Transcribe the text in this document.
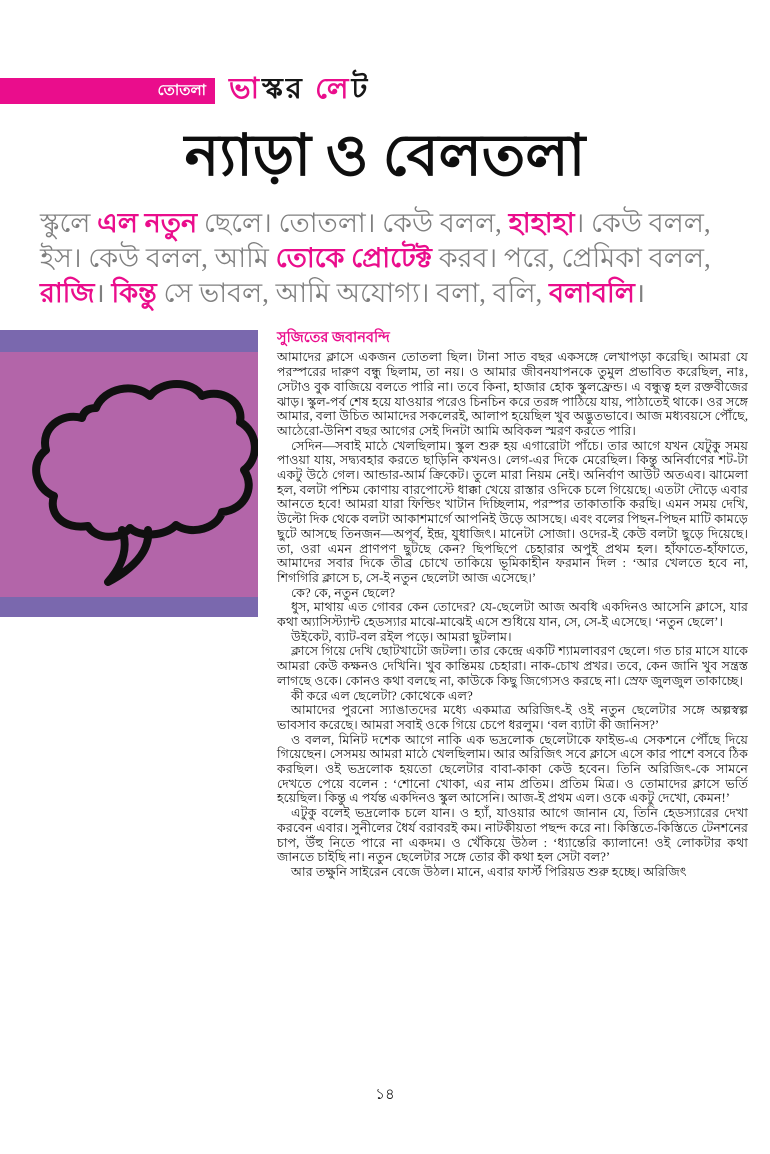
তোতলা ভাস্কর লেট
ন্যাড়া ও বেলতলা
স্কুলে এল নতুন ছেলে। তোতলা। কেউ বলল, হাহাহা। কেউ বলল,
ইস। কেউ বলল, আমি তোকে প্রোটেক্ট করব। পরে, প্রেমিকা বলল,
রাজি। কিন্তু সে ভাবল, আমি অযোগ্য। বলা, বলি, বলাবলি।
সুজিতের জবানবন্দি

আমাদের ক্লাসে একজন তোতলা ছিল। টানা সাত বছর একসঙ্গে লেখাপড়া করেছি। আমরা যে পরস্পরের দারুণ বন্ধু ছিলাম, তা নয়। ও আমার জীবনযাপনকে তুমুল প্রভাবিত করেছিল, নাঃ, সেটাও বুক বাজিয়ে বলতে পারি না। তবে কিনা, হাজার হোক স্কুলফ্রেন্ড। এ বন্ধুত্ব হল রক্তবীজের ঝাড়। স্কুল-পর্ব শেষ হয়ে যাওয়ার পরেও চিনচিন করে তরঙ্গ পাঠিয়ে যায়, পাঠাতেই থাকে। ওর সঙ্গে আমার, বলা উচিত আমাদের সকলেরই, আলাপ হয়েছিল খুব অদ্ভুতভাবে। আজ মধ্যবয়সে পৌঁছে, আঠেরো-উনিশ বছর আগের সেই দিনটা আমি অবিকল স্মরণ করতে পারি।

সেদিন—সবাই মাঠে খেলছিলাম। স্কুল শুরু হয় এগারোটা পাঁচে। তার আগে যখন যেটুকু সময় পাওয়া যায়, সদ্ব্যবহার করতে ছাড়িনি কখনও। লেগ-এর দিকে মেরেছিল। কিন্তু অনির্বাণের শট-টা একটু উঠে গেল। আন্ডার-আর্ম ক্রিকেট। তুলে মারা নিয়ম নেই। অনির্বাণ আউট অতএব। ঝামেলা হল, বলটা পশ্চিম কোণায় বারপোস্টে ধাক্কা খেয়ে রাস্তার ওদিকে চলে গিয়েছে। এতটা দৌড়ে এবার আনতে হবে! আমরা যারা ফিল্ডিং খাটান দিচ্ছিলাম, পরস্পর তাকাতাকি করছি। এমন সময় দেখি, উল্টো দিক থেকে বলটা আকাশমার্গে আপনিই উড়ে আসছে। এবং বলের পিছন-পিছন মাটি কামড়ে ছুটে আসছে তিনজন—অপূর্ব, ইন্দ্র, যুধাজিৎ। মানেটা সোজা। ওদের-ই কেউ বলটা ছুড়ে দিয়েছে। তা, ওরা এমন প্রাণপণ ছুটছে কেন? ছিপছিপে চেহারার অপুই প্রথম হল। হাঁফাতে-হাঁফাতে, আমাদের সবার দিকে তীব্র চোখে তাকিয়ে ভূমিকাহীন ফরমান দিল : ‘আর খেলতে হবে না, শিগগিরি ক্লাসে চ, সে-ই নতুন ছেলেটা আজ এসেছে।’

কে? কে, নতুন ছেলে?

ধুস, মাথায় এত গোবর কেন তোদের? যে-ছেলেটা আজ অবধি একদিনও আসেনি ক্লাসে, যার কথা অ্যাসিস্ট্যান্ট হেডস্যার মাঝে-মাঝেই এসে শুধিয়ে যান, সে, সে-ই এসেছে। ‘নতুন ছেলে’।

উইকেট, ব্যাট-বল রইল পড়ে। আমরা ছুটলাম।

ক্লাসে গিয়ে দেখি ছোটখাটো জটলা। তার কেন্দ্রে একটি শ্যামলাবরণ ছেলে। গত চার মাসে যাকে আমরা কেউ কক্ষনও দেখিনি। খুব কান্তিময় চেহারা। নাক-চোখ প্রখর। তবে, কেন জানি খুব সন্ত্রস্ত লাগছে ওকে। কোনও কথা বলছে না, কাউকে কিছু জিগ্যেসও করছে না। স্রেফ জুলজুল তাকাচ্ছে।

কী করে এল ছেলেটা? কোথেকে এল?

আমাদের পুরনো স্যাঙাতদের মধ্যে একমাত্র অরিজিৎ-ই ওই নতুন ছেলেটার সঙ্গে অল্পস্বল্প ভাবসাব করেছে। আমরা সবাই ওকে গিয়ে চেপে ধরলুম। ‘বল ব্যাটা কী জানিস?’

ও বলল, মিনিট দশেক আগে নাকি এক ভদ্রলোক ছেলেটাকে ফাইভ-এ সেকশনে পৌঁছে দিয়ে গিয়েছেন। সেসময় আমরা মাঠে খেলছিলাম। আর অরিজিৎ সবে ক্লাসে এসে কার পাশে বসবে ঠিক করছিল। ওই ভদ্রলোক হয়তো ছেলেটার বাবা-কাকা কেউ হবেন। তিনি অরিজিৎ-কে সামনে দেখতে পেয়ে বলেন : ‘শোনো খোকা, এর নাম প্রতিম। প্রতিম মিত্র। ও তোমাদের ক্লাসে ভর্তি হয়েছিল। কিন্তু এ পর্যন্ত একদিনও স্কুল আসেনি। আজ-ই প্রথম এল। ওকে একটু দেখো, কেমন!’

এটুকু বলেই ভদ্রলোক চলে যান। ও হ্যাঁ, যাওয়ার আগে জানান যে, তিনি হেডস্যারের দেখা করবেন এবার। সুনীলের ধৈর্য বরাবরই কম। নাটকীয়তা পছন্দ করে না। কিস্তিতে-কিস্তিতে টেনশনের চাপ, উঁহু নিতে পারে না একদম। ও খেঁকিয়ে উঠল : ‘ধ্যান্তেরি ক্যালানে! ওই লোকটার কথা জানতে চাইছি না। নতুন ছেলেটার সঙ্গে তোর কী কথা হল সেটা বল?’

আর তক্ষুনি সাইরেন বেজে উঠল। মানে, এবার ফার্স্ট পিরিয়ড শুরু হচ্ছে। অরিজিৎ

১৪
